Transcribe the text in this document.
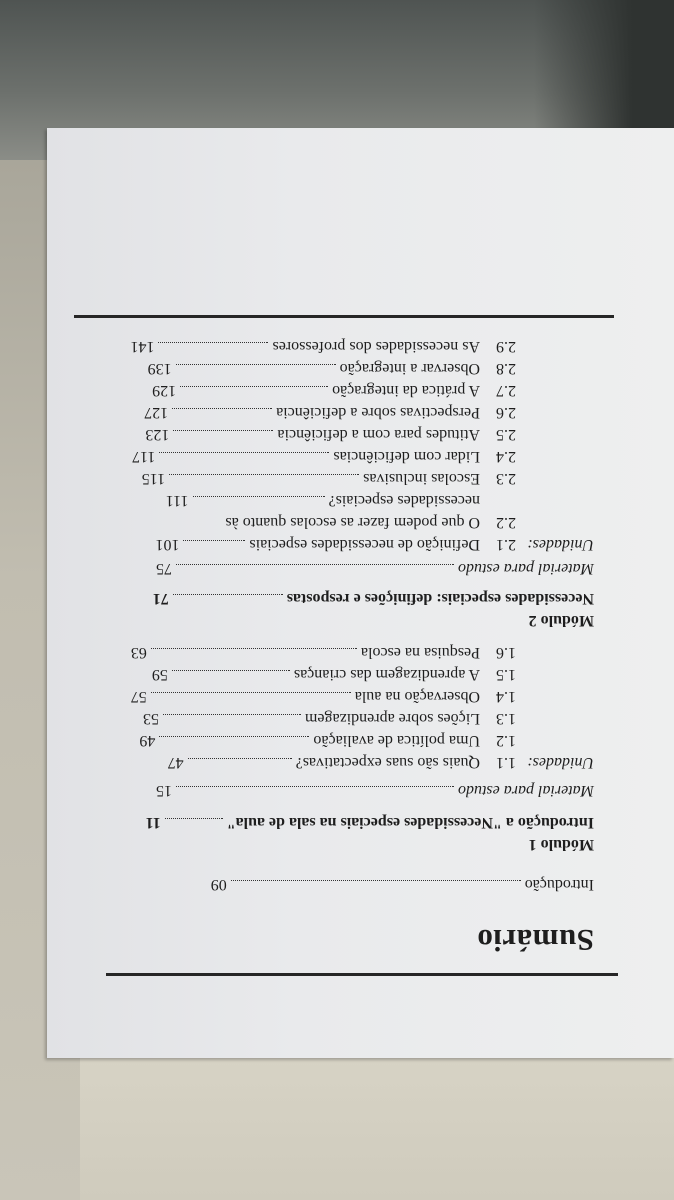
Sumário
Introdução09
Módulo 1
Introdução a "Necessidades especiais na sala de aula"11
Material para estudo15
Unidades:1.1Quais são suas expectativas?47
1.2Uma política de avaliação49
1.3Lições sobre aprendizagem53
1.4Observação na aula57
1.5A aprendizagem das crianças59
1.6Pesquisa na escola63
Módulo 2
Necessidades especiais: definições e respostas71
Material para estudo75
Unidades:2.1Definição de necessidades especiais101
2.2O que podem fazer as escolas quanto às
necessidades especiais?111
2.3Escolas inclusivas115
2.4Lidar com deficiências117
2.5Atitudes para com a deficiência123
2.6Perspectivas sobre a deficiência127
2.7A prática da integração129
2.8Observar a integração139
2.9As necessidades dos professores141
